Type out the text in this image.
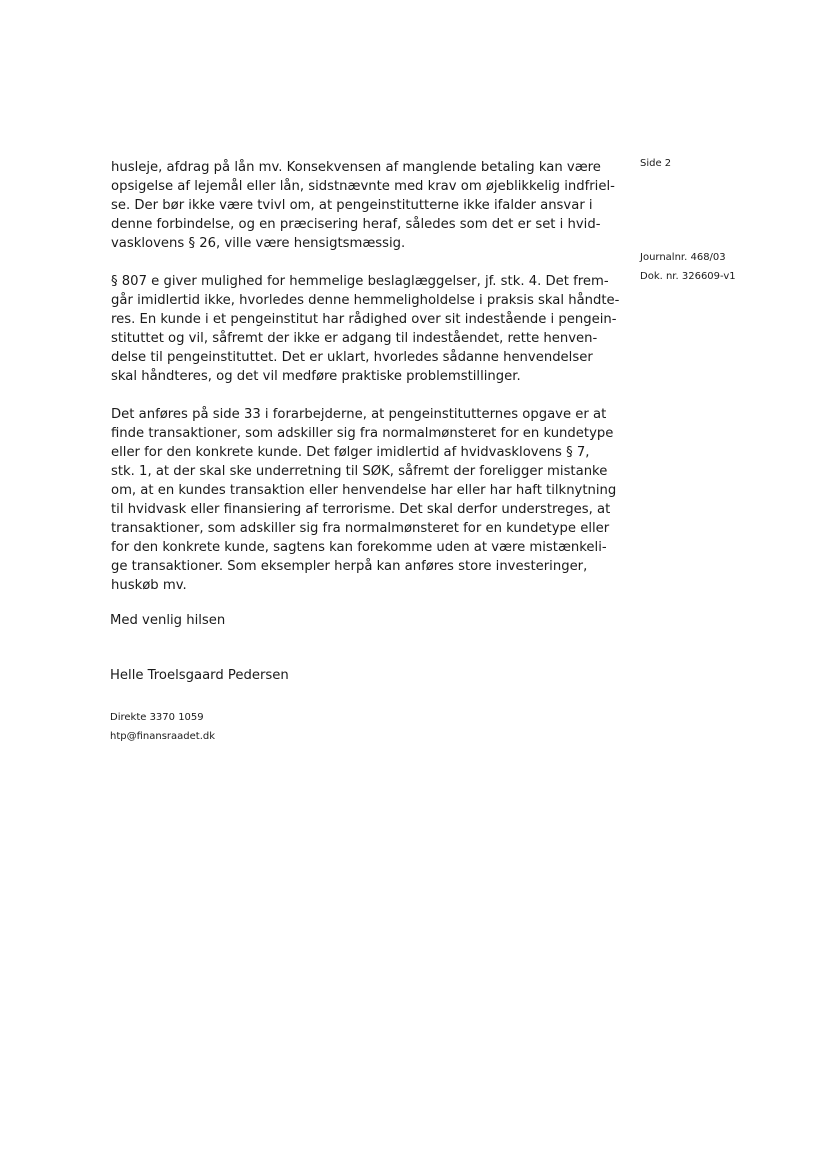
Side 2
Journalnr. 468/03
Dok. nr. 326609-v1
husleje, afdrag på lån mv. Konsekvensen af manglende betaling kan være
opsigelse af lejemål eller lån, sidstnævnte med krav om øjeblikkelig indfriel-
se. Der bør ikke være tvivl om, at pengeinstitutterne ikke ifalder ansvar i
denne forbindelse, og en præcisering heraf, således som det er set i hvid-
vasklovens § 26, ville være hensigtsmæssig.
§ 807 e giver mulighed for hemmelige beslaglæggelser, jf. stk. 4. Det frem-
går imidlertid ikke, hvorledes denne hemmeligholdelse i praksis skal håndte-
res. En kunde i et pengeinstitut har rådighed over sit indestående i pengein-
stituttet og vil, såfremt der ikke er adgang til indeståendet, rette henven-
delse til pengeinstituttet. Det er uklart, hvorledes sådanne henvendelser
skal håndteres, og det vil medføre praktiske problemstillinger.
Det anføres på side 33 i forarbejderne, at pengeinstitutternes opgave er at
finde transaktioner, som adskiller sig fra normalmønsteret for en kundetype
eller for den konkrete kunde. Det følger imidlertid af hvidvasklovens § 7,
stk. 1, at der skal ske underretning til SØK, såfremt der foreligger mistanke
om, at en kundes transaktion eller henvendelse har eller har haft tilknytning
til hvidvask eller finansiering af terrorisme. Det skal derfor understreges, at
transaktioner, som adskiller sig fra normalmønsteret for en kundetype eller
for den konkrete kunde, sagtens kan forekomme uden at være mistænkeli-
ge transaktioner. Som eksempler herpå kan anføres store investeringer,
huskøb mv.
Med venlig hilsen
Helle Troelsgaard Pedersen
Direkte 3370 1059
htp@finansraadet.dk
